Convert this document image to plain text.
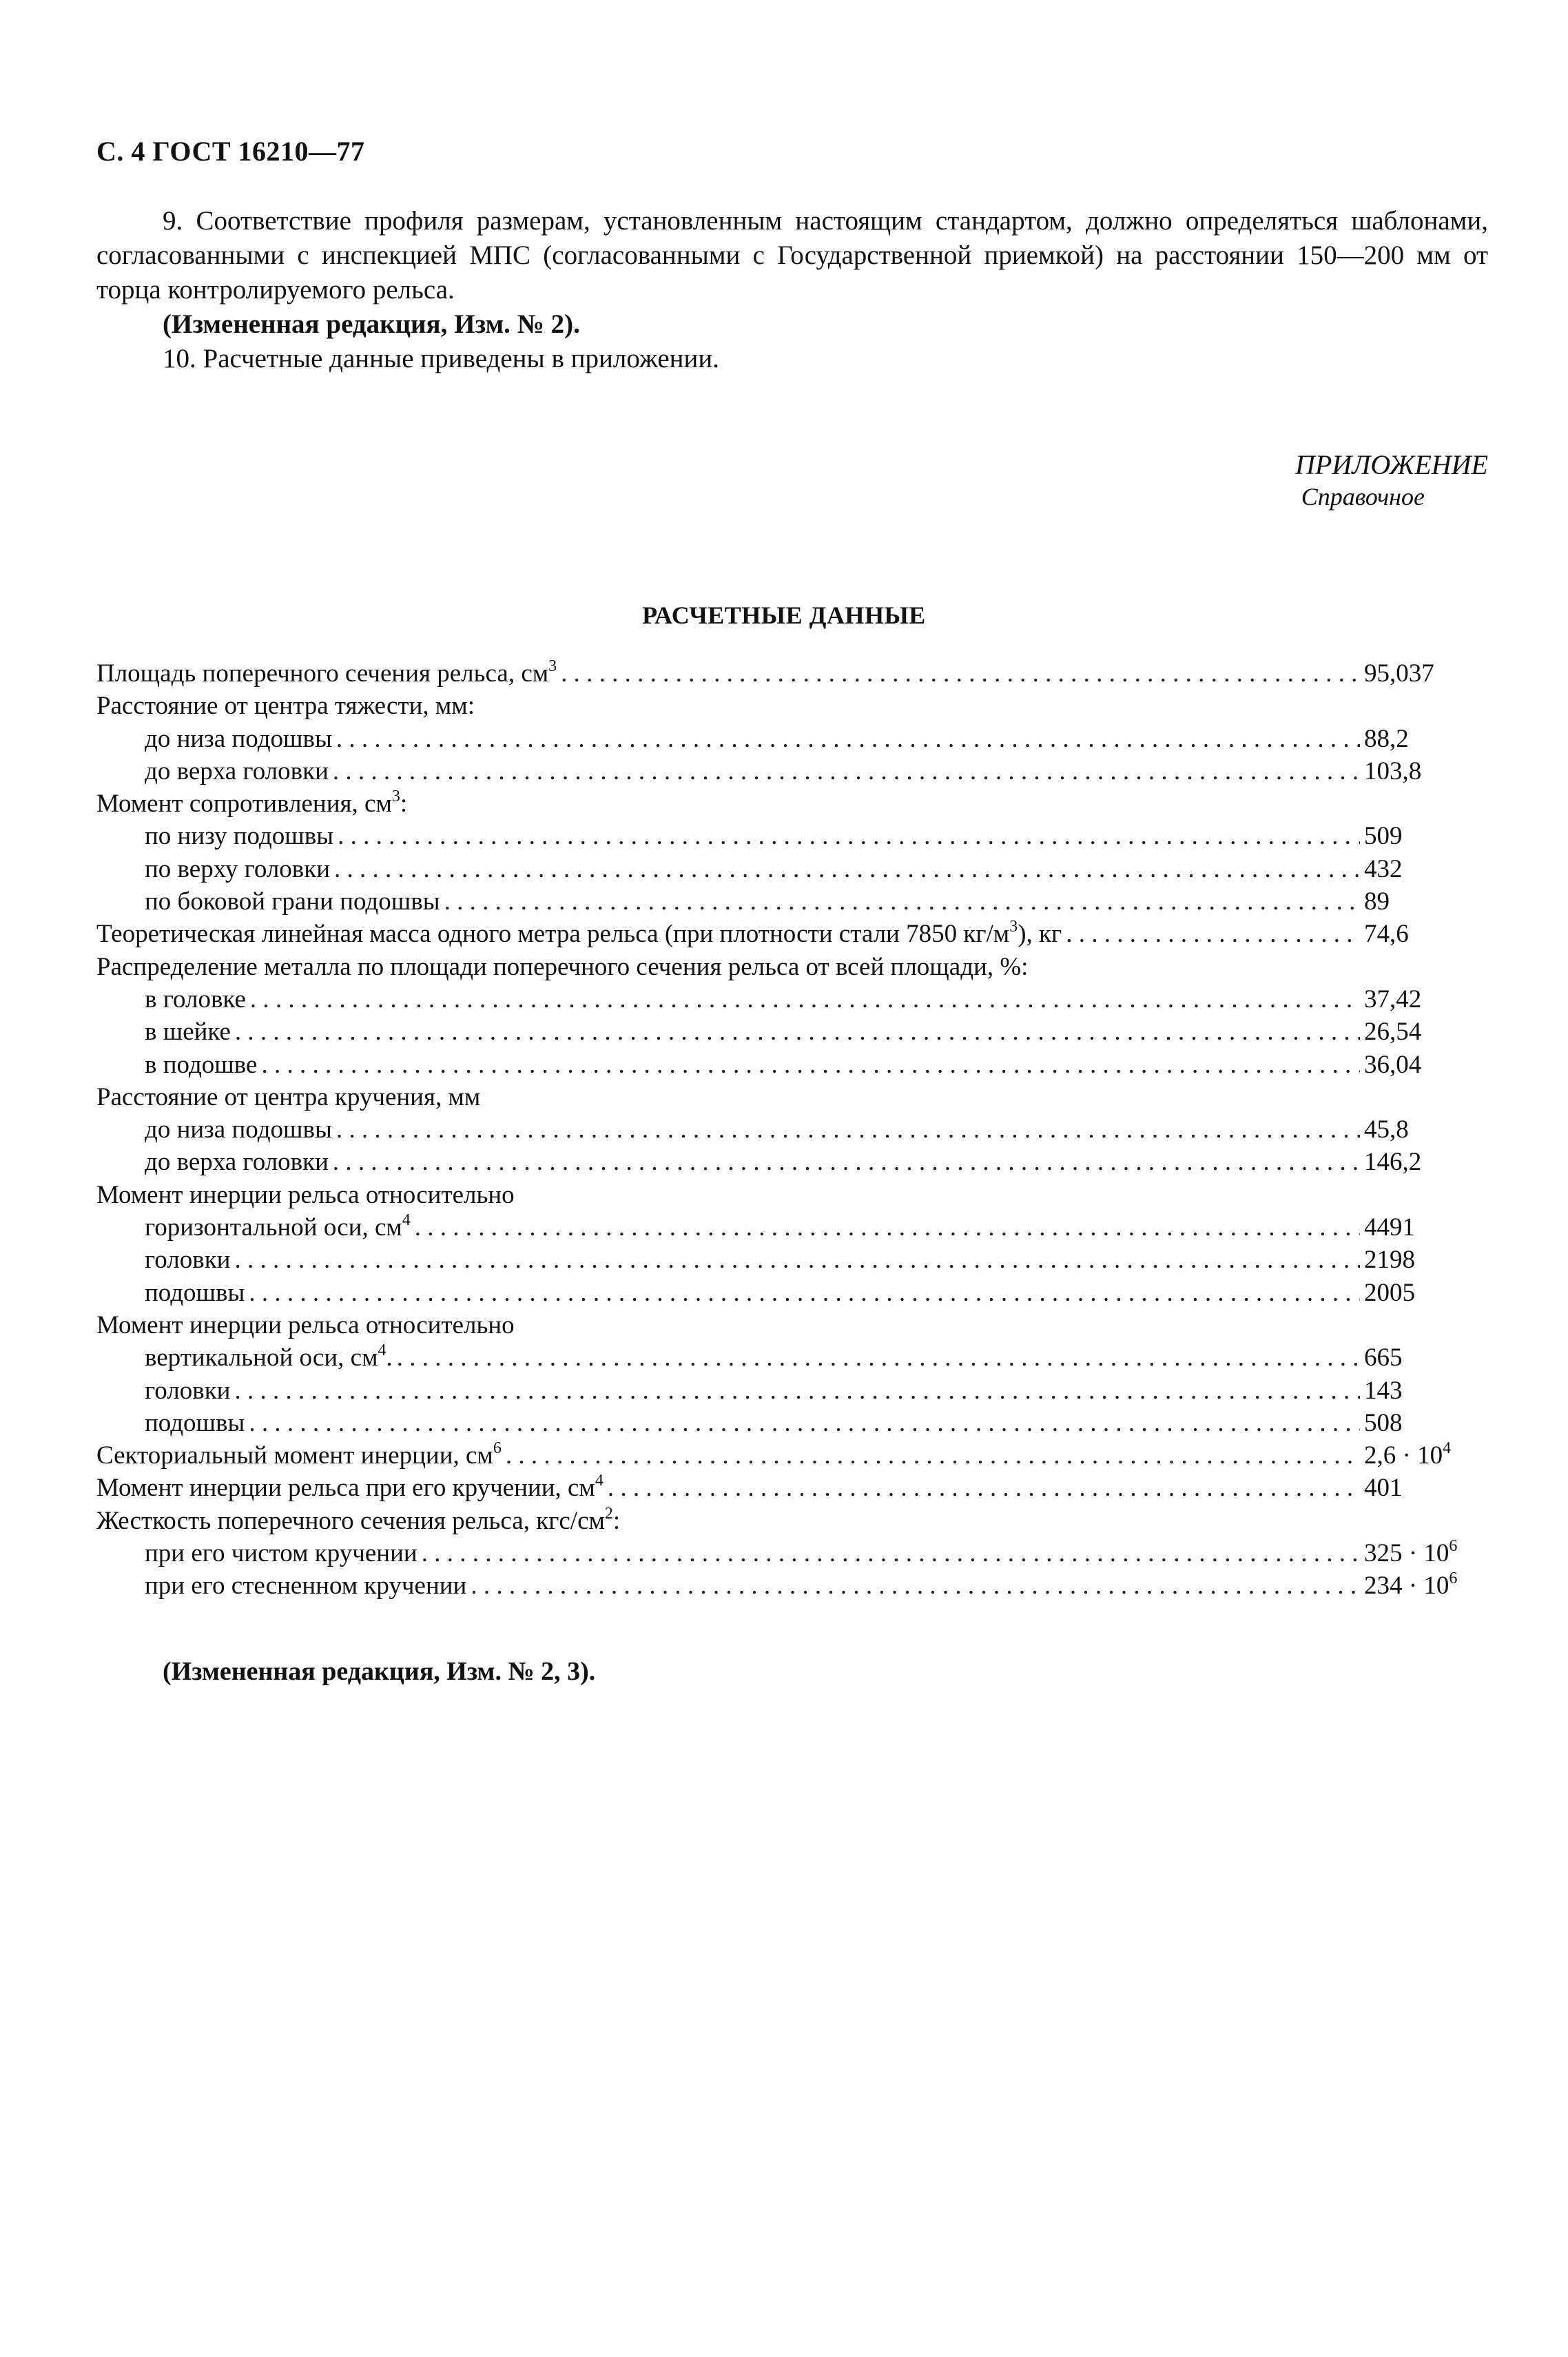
С. 4 ГОСТ 16210—77
9. Соответствие профиля размерам, установленным настоящим стандартом, должно определяться шаблонами, согласованными с инспекцией МПС (согласованными с Государственной приемкой) на расстоянии 150—200 мм от торца контролируемого рельса.
(Измененная редакция, Изм. № 2).
10. Расчетные данные приведены в приложении.
ПРИЛОЖЕНИЕ
Справочное
РАСЧЕТНЫЕ ДАННЫЕ
Площадь поперечного сечения рельса, $см^3$ . . .	95,037
Расстояние от центра тяжести, мм:
до низа подошвы . . .	88,2
до верха головки . . .	103,8
Момент сопротивления, $см^3$:
по низу подошвы . . .	509
по верху головки . . .	432
по боковой грани подошвы . . .	89
Теоретическая линейная масса одного метра рельса (при плотности стали 7850 $кг/м^3$), кг . . .	74,6
Распределение металла по площади поперечного сечения рельса от всей площади, %:
в головке . . .	37,42
в шейке . . .	26,54
в подошве . . .	36,04
Расстояние от центра кручения, мм
до низа подошвы . . .	45,8
до верха головки . . .	146,2
Момент инерции рельса относительно
горизонтальной оси, $см^4$ . . .	4491
головки . . .	2198
подошвы . . .	2005
Момент инерции рельса относительно
вертикальной оси, $см^4$. . . .	665
головки . . .	143
подошвы . . .	508
Секториальный момент инерции, $см^6$ . . .	$2,6 \cdot 10^4$
Момент инерции рельса при его кручении, $см^4$ . . .	401
Жесткость поперечного сечения рельса, кгс/$см^2$:
при его чистом кручении . . .	$325 \cdot 10^6$
при его стесненном кручении . . .	$234 \cdot 10^6$
(Измененная редакция, Изм. № 2, 3).
